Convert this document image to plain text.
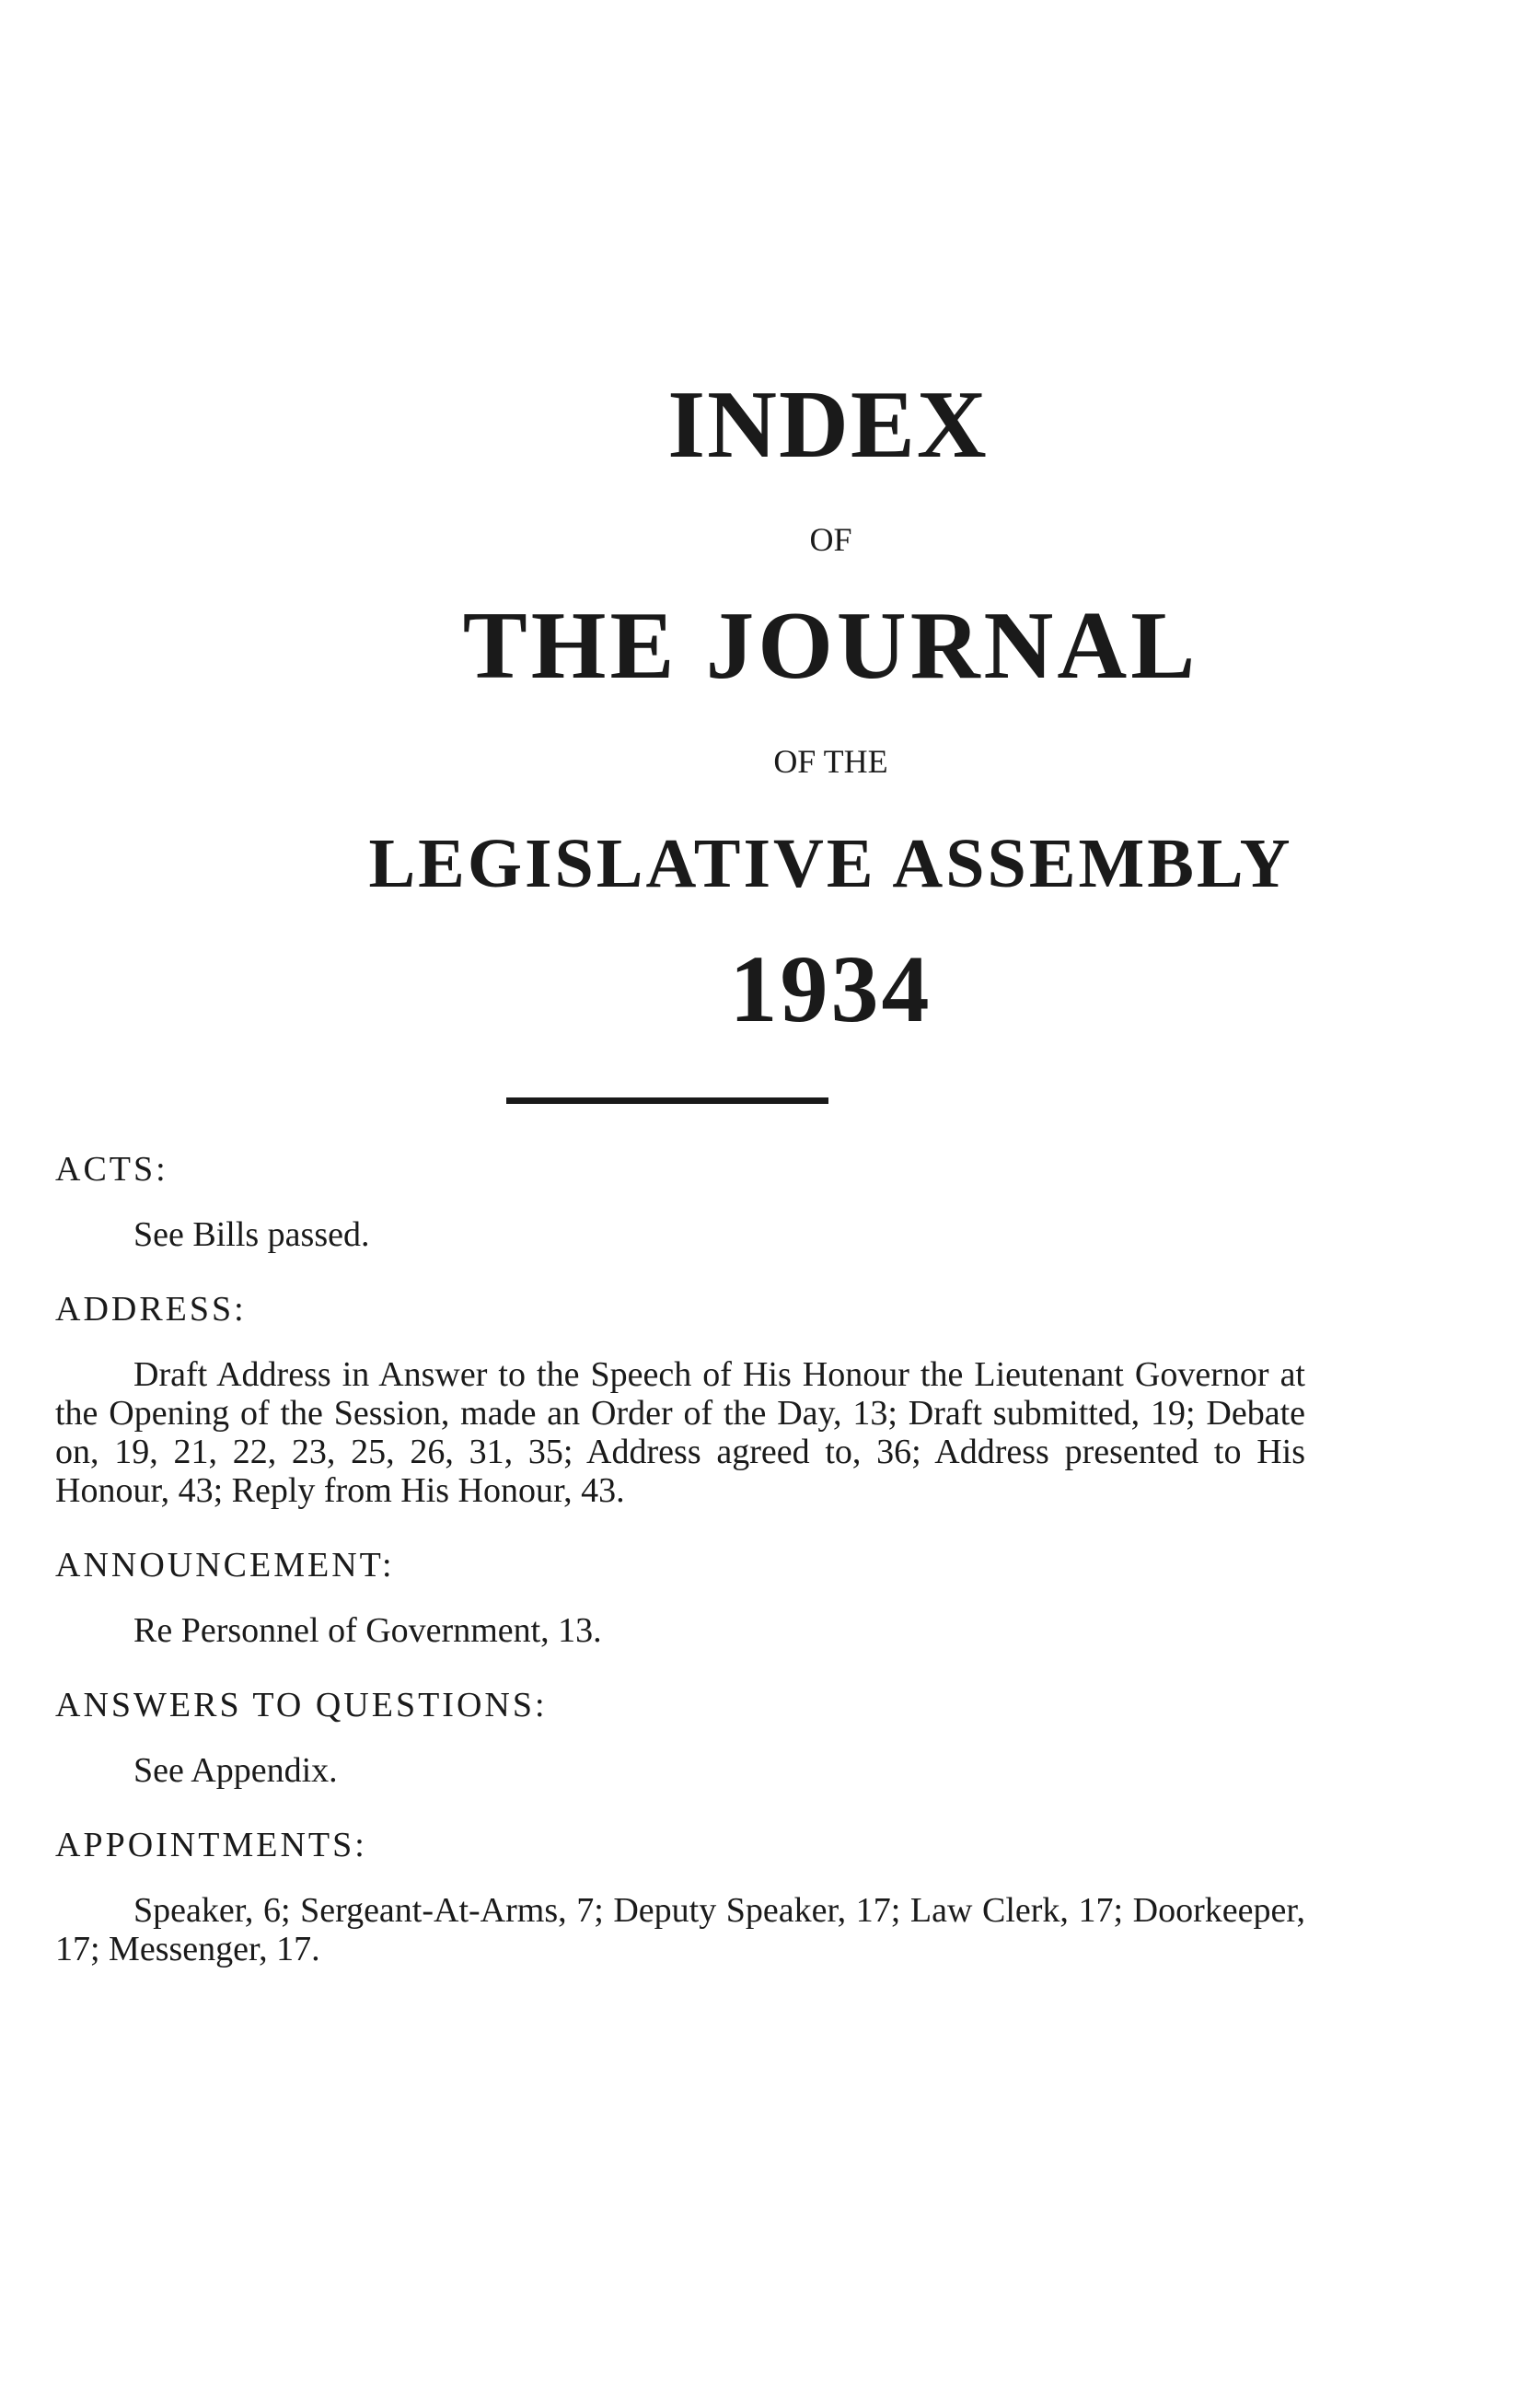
INDEX
OF
THE JOURNAL
OF THE
LEGISLATIVE ASSEMBLY
1934
ACTS:
See Bills passed.
ADDRESS:
Draft Address in Answer to the Speech of His Honour the Lieutenant Governor at the Opening of the Session, made an Order of the Day, 13; Draft submitted, 19; Debate on, 19, 21, 22, 23, 25, 26, 31, 35; Address agreed to, 36; Address presented to His Honour, 43; Reply from His Honour, 43.
ANNOUNCEMENT:
Re Personnel of Government, 13.
ANSWERS TO QUESTIONS:
See Appendix.
APPOINTMENTS:
Speaker, 6; Sergeant-At-Arms, 7; Deputy Speaker, 17; Law Clerk, 17; Doorkeeper, 17; Messenger, 17.
